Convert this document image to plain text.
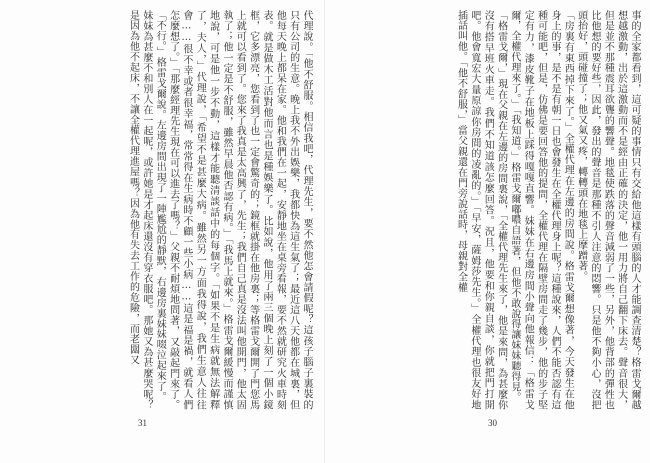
代理說。「他不舒服。相信我吧，代理先生，要不然他怎會請假呢？這孩子腦子裏裝的只有公司的生意。晚上我不外出娛樂，我都快為這生氣了；最近這八天他都在城裏，但他每天晚上都呆在家。他和我們在一起，安靜地坐在桌旁看報，要不然就研究火車時刻表。就是做木工活對他而言也是種娛樂了。比如說，他用了兩三個晚上刻了一個小鏡框，它多漂亮，您看到了也一定會驚奇的；鏡框就掛在他房裏；等格雷戈爾開了門您馬上就可以看到了。您來了我真是太高興了，先生；我們自己真是沒法叫他開門，他太固執了；他一定是不舒服，雖然早晨他否認有病。」「我馬上就來。」格雷戈爾緩慢而謹慎地說，可是他一步不動，這樣才能聽清談話中的每個字。「如果不是生病就無法解釋了，夫人，」代理說，「希望不是甚麼大病。雖然另一方面我得說，我們生意人往往會……很不幸或者很幸福，常常得在生病時不顧一些小病……這是福是禍，就看人們怎麼想了。」「那麼經理先生現在可以進去了嗎？」父親不耐煩地問著，又敲起門來了。「不行。」格雷戈爾說。左邊房間出現了一陣尷尬的靜默，右邊房裏妹妹啜泣起來了。

妹妹為甚麼不和別人在一起呢，或許她是才起床還沒有穿衣服吧。那她又為甚麼哭呢？是因為他不起床，不讓全權代理進屋嗎？因為他有失去工作的危險，而老闆又

31

事的全家都看到，這可疑的事情只有交給他這樣有頭腦的人才能調查清楚？格雷戈爾越想越激動，出於這激動而不是經由正確的決定，他一用力將自己翻下床去。聲音很大，但是並不那種震耳欲聾的響聲。地毯使跌落的聲音減弱了一些，另外，他背部的彈性也比他想的要好些，因此，發出的聲音是那種不引人注意的悶響。只是他不夠小心，沒把頭抬好，頭碰撞了；他又氣又疼，轉轉頭在地毯上摩蹭著。

「房裏有東西掉下來了。」全權代理在左邊的房間說。格雷戈爾想像著，今天發生在他身上的事，是不是有朝一日也會發生在全權代理身上呢？這種說來，人們不能否認有這種可能吧，但是，仿佛是要回答他的提問，全權代理在隔壁房間走了幾步，他的步子堅定有力，漆皮靴子在地板上踩得嘎嘎直響。妹妹在右邊房間小聲向他報信：「格雷戈爾，全權代理來了。」「我知道。」格雷戈爾嘟噥自語著，但他不敢說得讓妹妹聽得見。

「格雷戈爾，」現在父親在左邊的房間裏說，「全權代理先生來了，他是來問，為甚麼你沒有搭早班火車走。我們不知道該怎麼回答。況且，他要和你親自談，你就把門打開吧。他會寬宏大量原諒你房間的凌亂的。」「早安，薩姆莎先生。」全權代理也很友好地插話叫他。「他不舒服，」當父親還在門旁說話時，母親對全權

30
